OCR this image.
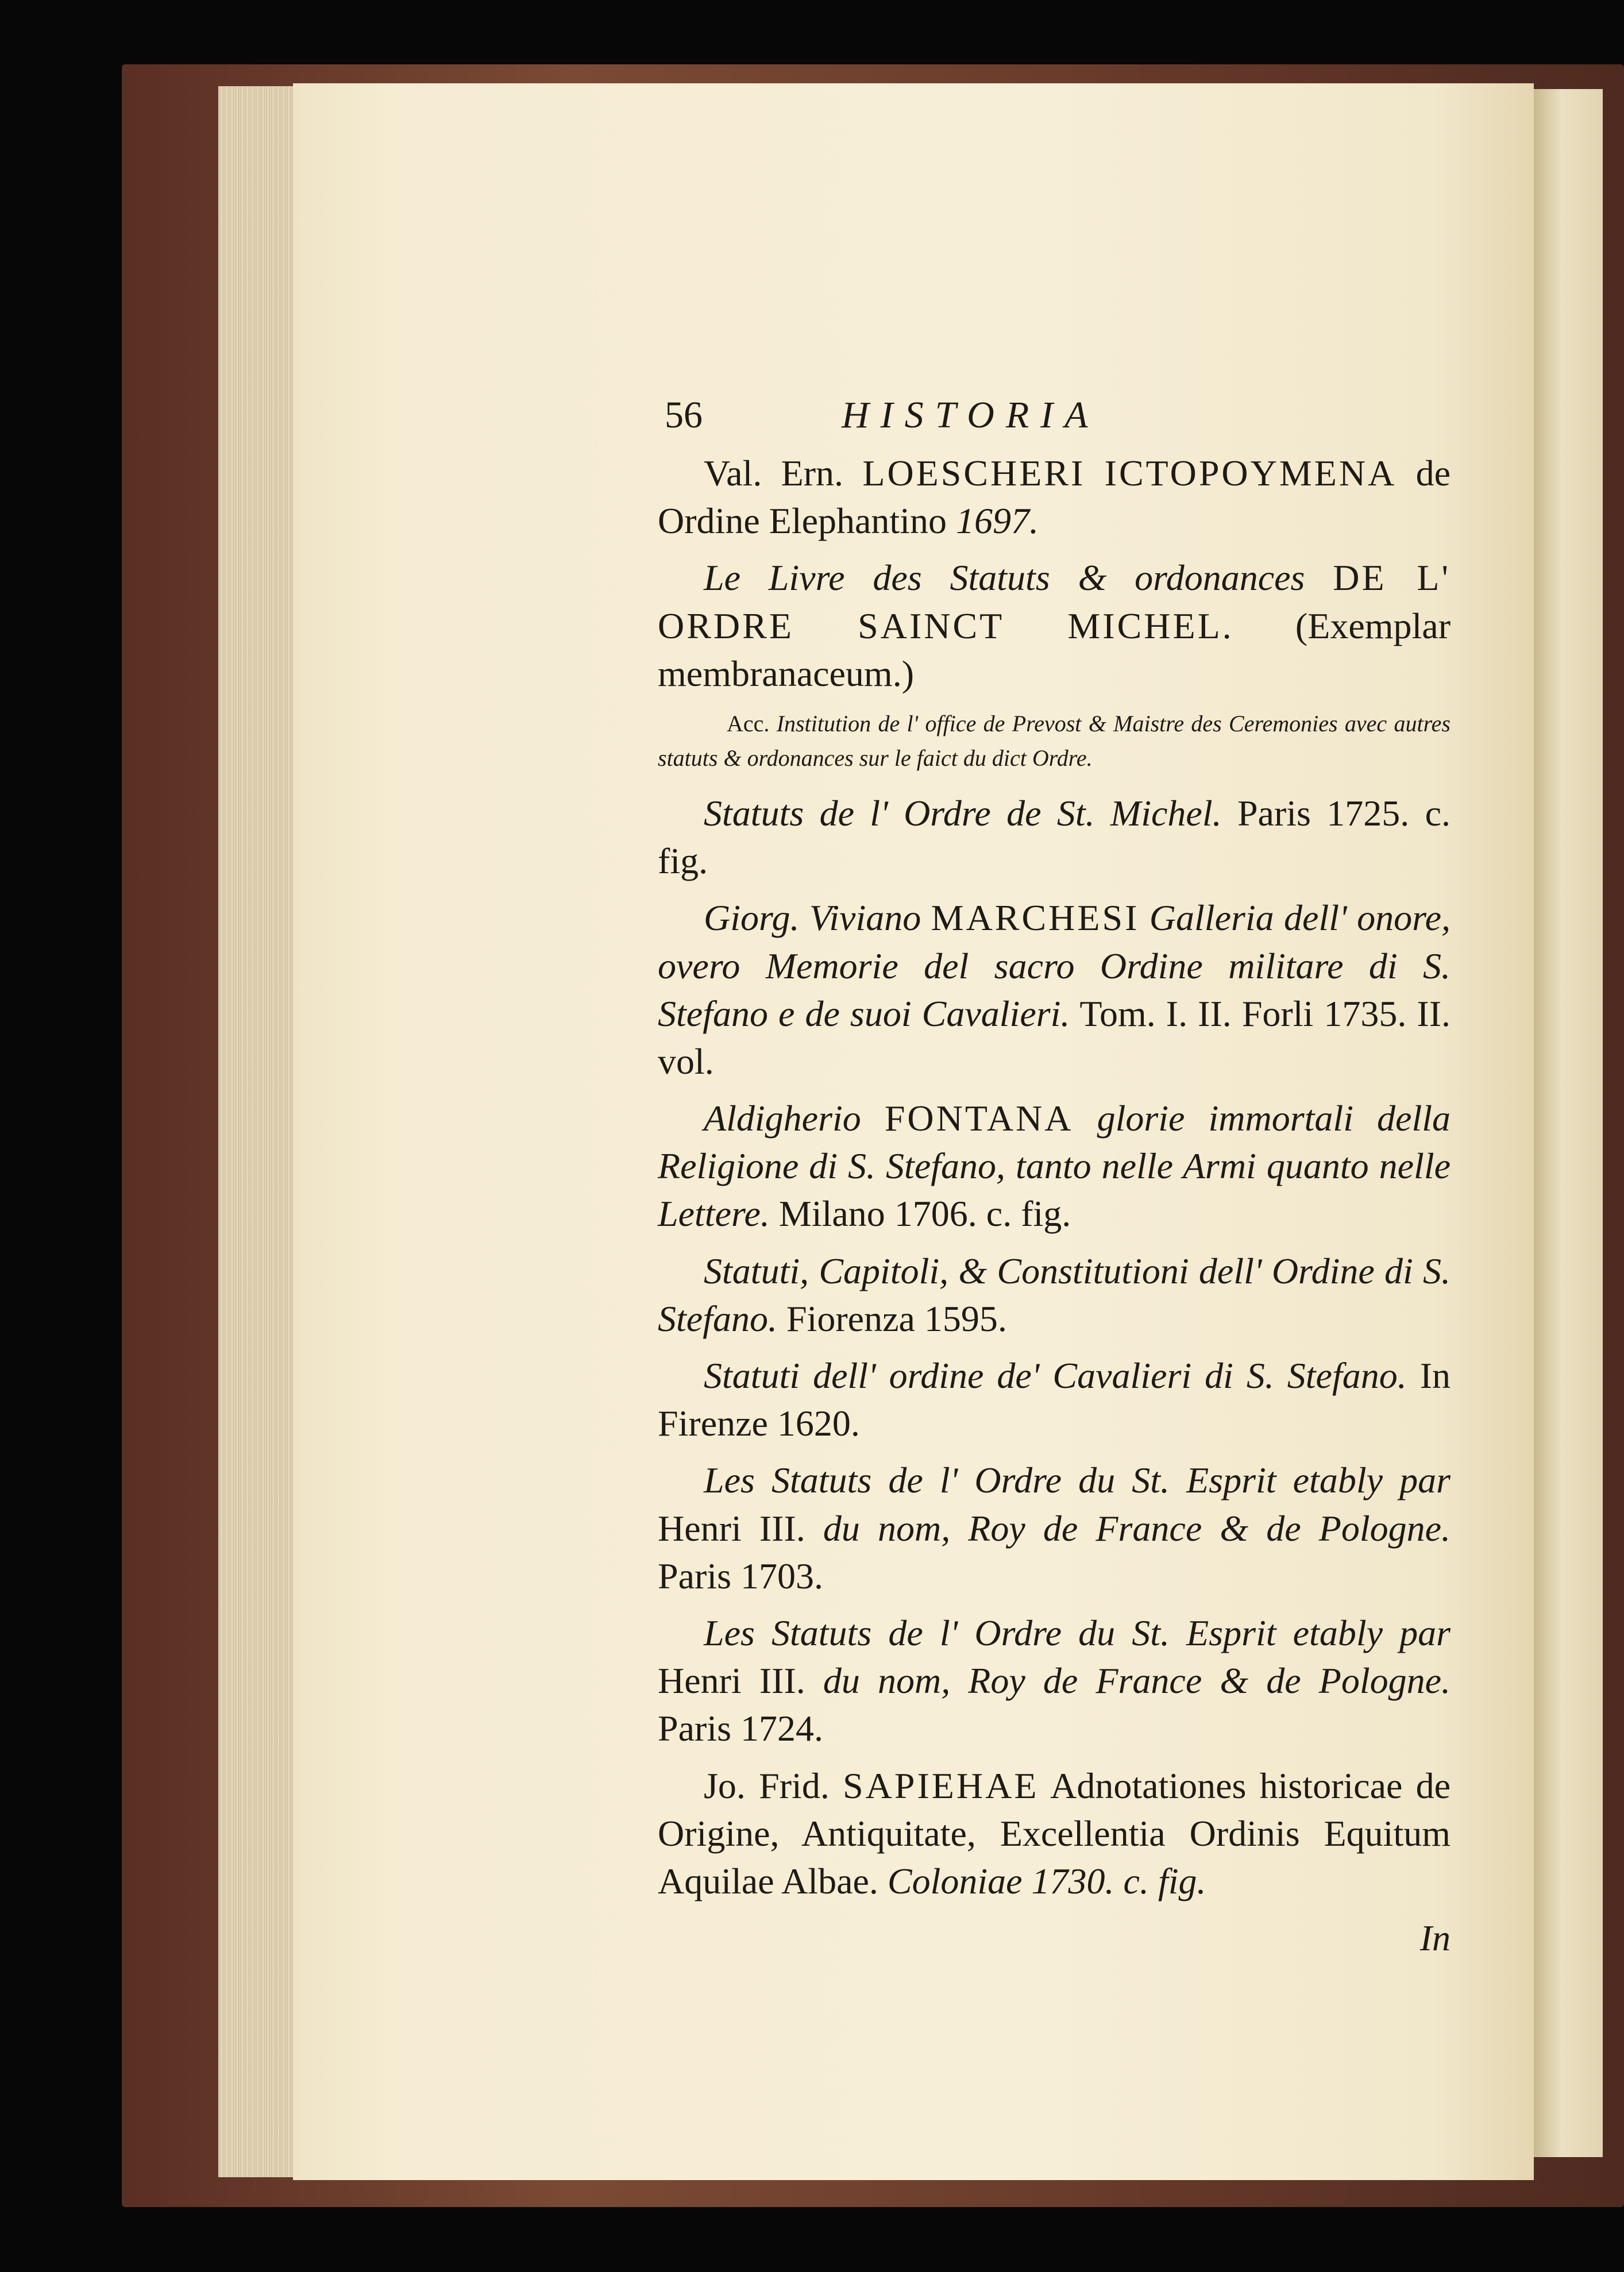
56	HISTORIA

Val. Ern. LOESCHERI ICTOPOYMENA de Ordine Elephantino 1697.

Le Livre des Statuts & ordonances DE L' ORDRE SAINCT MICHEL. (Exemplar membranaceum.)

Acc. Institution de l' office de Prevost & Maistre des Ceremonies avec autres statuts & ordonances sur le faict du dict Ordre.

Statuts de l' Ordre de St. Michel. Paris 1725. c. fig.

Giorg. Viviano MARCHESI Galleria dell' onore, overo Memorie del sacro Ordine militare di S. Stefano e de suoi Cavalieri. Tom. I. II. Forli 1735. II. vol.

Aldigherio FONTANA glorie immortali della Religione di S. Stefano, tanto nelle Armi quanto nelle Lettere. Milano 1706. c. fig.

Statuti, Capitoli, & Constitutioni dell' Ordine di S. Stefano. Fiorenza 1595.

Statuti dell' ordine de' Cavalieri di S. Stefano. In Firenze 1620.

Les Statuts de l' Ordre du St. Esprit etably par Henri III. du nom, Roy de France & de Pologne. Paris 1703.

Les Statuts de l' Ordre du St. Esprit etably par Henri III. du nom, Roy de France & de Pologne. Paris 1724.

Jo. Frid. SAPIEHAE Adnotationes historicae de Origine, Antiquitate, Excellentia Ordinis Equitum Aquilae Albae. Coloniae 1730. c. fig.

In
